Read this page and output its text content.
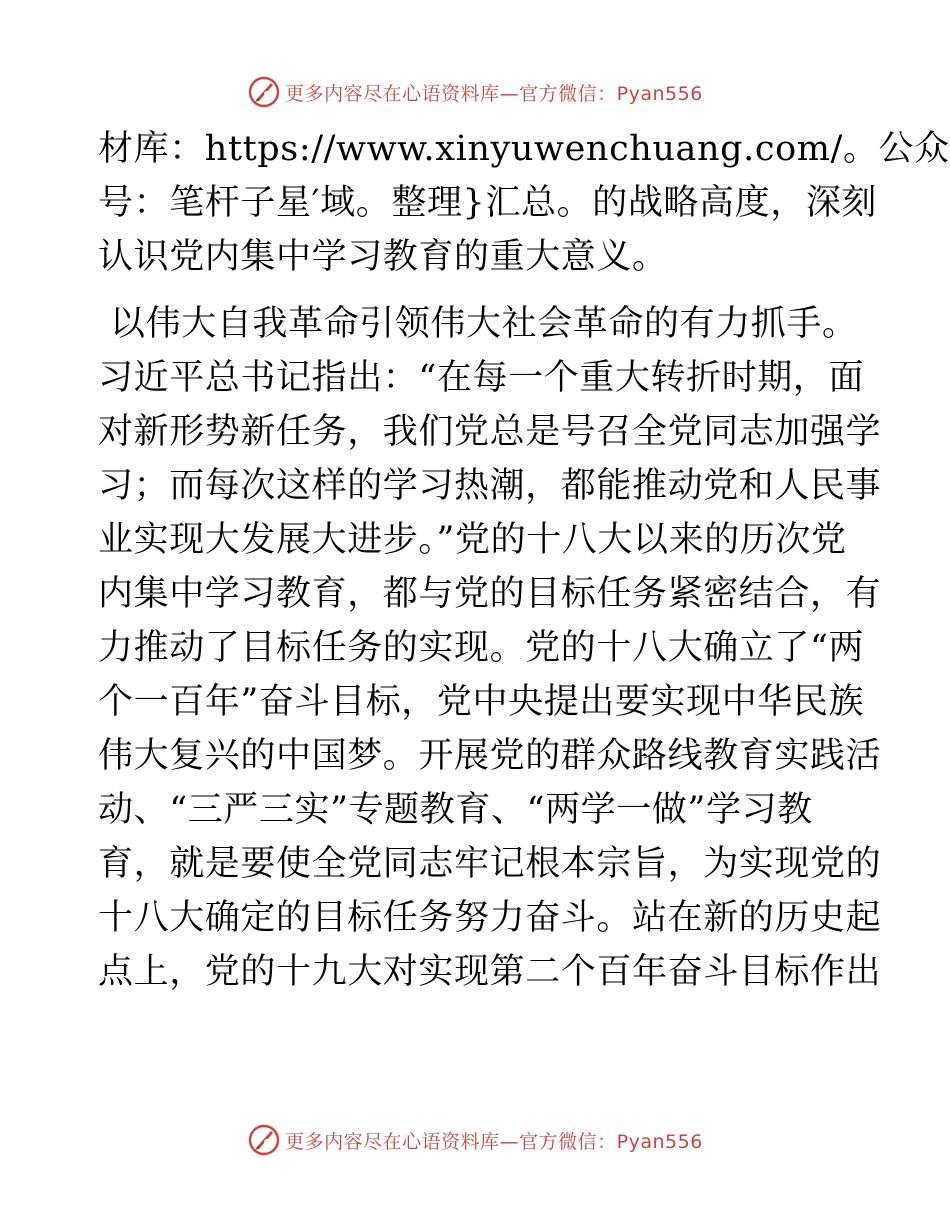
更多内容尽在心语资料库—官方微信：Pyan556
材库：https://www.xinyuwenchuang.com/。公众
号：笔杆子星′域。整理}汇总。的战略高度，深刻
认识党内集中学习教育的重大意义。
以伟大自我革命引领伟大社会革命的有力抓手。
习近平总书记指出：“在每一个重大转折时期，面
对新形势新任务，我们党总是号召全党同志加强学
习；而每次这样的学习热潮，都能推动党和人民事
业实现大发展大进步。”党的十八大以来的历次党
内集中学习教育，都与党的目标任务紧密结合，有
力推动了目标任务的实现。党的十八大确立了“两
个一百年”奋斗目标，党中央提出要实现中华民族
伟大复兴的中国梦。开展党的群众路线教育实践活
动、“三严三实”专题教育、“两学一做”学习教
育，就是要使全党同志牢记根本宗旨，为实现党的
十八大确定的目标任务努力奋斗。站在新的历史起
点上，党的十九大对实现第二个百年奋斗目标作出
更多内容尽在心语资料库—官方微信：Pyan556
